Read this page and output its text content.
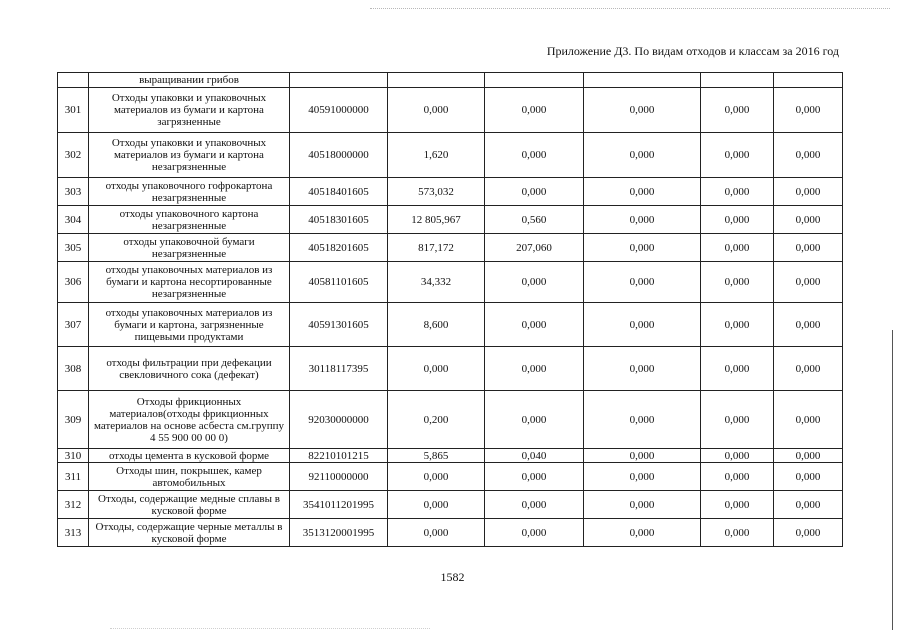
Приложение Д3. По видам отходов и классам за 2016 год
	выращивании грибов						
301	Отходы упаковки и упаковочных материалов из бумаги и картона загрязненные	40591000000	0,000	0,000	0,000	0,000	0,000
302	Отходы упаковки и упаковочных материалов из бумаги и картона незагрязненные	40518000000	1,620	0,000	0,000	0,000	0,000
303	отходы упаковочного гофрокартона незагрязненные	40518401605	573,032	0,000	0,000	0,000	0,000
304	отходы упаковочного картона незагрязненные	40518301605	12 805,967	0,560	0,000	0,000	0,000
305	отходы упаковочной бумаги незагрязненные	40518201605	817,172	207,060	0,000	0,000	0,000
306	отходы упаковочных материалов из бумаги и картона несортированные незагрязненные	40581101605	34,332	0,000	0,000	0,000	0,000
307	отходы упаковочных материалов из бумаги и картона, загрязненные пищевыми продуктами	40591301605	8,600	0,000	0,000	0,000	0,000
308	отходы фильтрации при дефекации свекловичного сока (дефекат)	30118117395	0,000	0,000	0,000	0,000	0,000
309	Отходы фрикционных материалов(отходы фрикционных материалов на основе асбеста см.группу 4 55 900 00 00 0)	92030000000	0,200	0,000	0,000	0,000	0,000
310	отходы цемента в кусковой форме	82210101215	5,865	0,040	0,000	0,000	0,000
311	Отходы шин, покрышек, камер автомобильных	92110000000	0,000	0,000	0,000	0,000	0,000
312	Отходы, содержащие медные сплавы в кусковой форме	3541011201995	0,000	0,000	0,000	0,000	0,000
313	Отходы, содержащие черные металлы в кусковой форме	3513120001995	0,000	0,000	0,000	0,000	0,000
1582
